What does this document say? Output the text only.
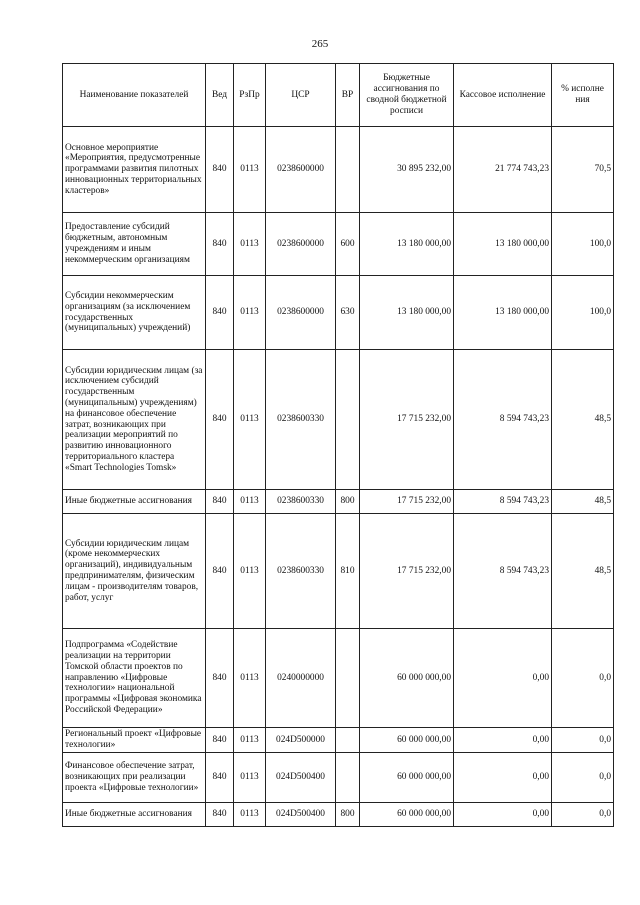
265
Наименование показателей	Вед	РзПр	ЦСР	ВР	Бюджетные ассигнования по сводной бюджетной росписи	Кассовое исполнение	% исполне ния
Основное мероприятие «Мероприятия, предусмотренные программами развития пилотных инновационных территориальных кластеров»	840	0113	0238600000		30 895 232,00	21 774 743,23	70,5
Предоставление субсидий бюджетным, автономным учреждениям и иным некоммерческим организациям	840	0113	0238600000	600	13 180 000,00	13 180 000,00	100,0
Субсидии некоммерческим организациям (за исключением государственных (муниципальных) учреждений)	840	0113	0238600000	630	13 180 000,00	13 180 000,00	100,0
Субсидии юридическим лицам (за исключением субсидий государственным (муниципальным) учреждениям) на финансовое обеспечение затрат, возникающих при реализации мероприятий по развитию инновационного территориального кластера «Smart Technologies Tomsk»	840	0113	0238600330		17 715 232,00	8 594 743,23	48,5
Иные бюджетные ассигнования	840	0113	0238600330	800	17 715 232,00	8 594 743,23	48,5
Субсидии юридическим лицам (кроме некоммерческих организаций), индивидуальным предпринимателям, физическим лицам - производителям товаров, работ, услуг	840	0113	0238600330	810	17 715 232,00	8 594 743,23	48,5
Подпрограмма «Содействие реализации на территории Томской области проектов по направлению «Цифровые технологии» национальной программы «Цифровая экономика Российской Федерации»	840	0113	0240000000		60 000 000,00	0,00	0,0
Региональный проект «Цифровые технологии»	840	0113	024D500000		60 000 000,00	0,00	0,0
Финансовое обеспечение затрат, возникающих при реализации проекта «Цифровые технологии»	840	0113	024D500400		60 000 000,00	0,00	0,0
Иные бюджетные ассигнования	840	0113	024D500400	800	60 000 000,00	0,00	0,0
